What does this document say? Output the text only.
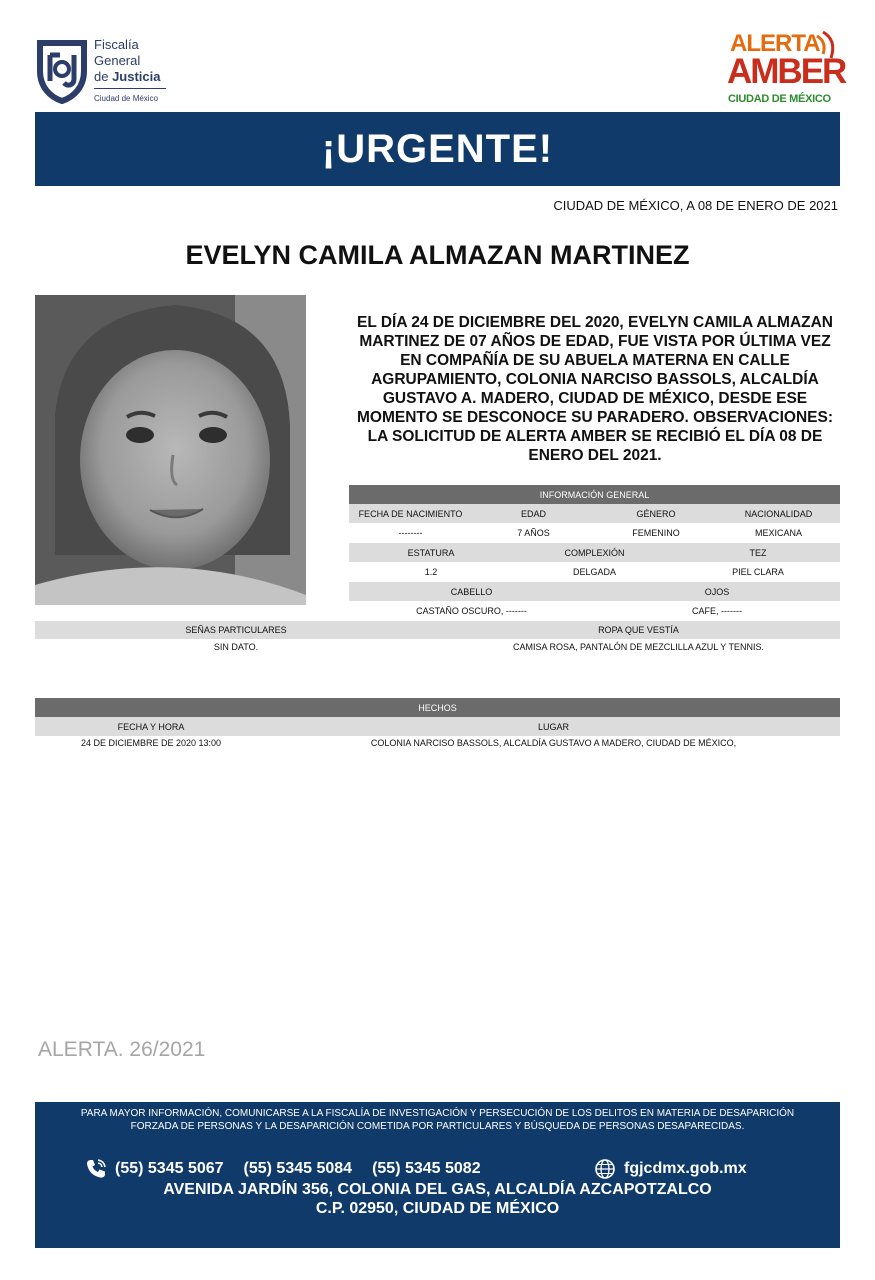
Fiscalía
General
de Justicia
Ciudad de México
ALERTA
AMBER
CIUDAD DE MÉXICO
¡URGENTE!
CIUDAD DE MÉXICO, A 08 DE ENERO DE 2021
EVELYN CAMILA ALMAZAN MARTINEZ
EL DÍA 24 DE DICIEMBRE DEL 2020, EVELYN CAMILA ALMAZAN MARTINEZ DE 07 AÑOS DE EDAD, FUE VISTA POR ÚLTIMA VEZ EN COMPAÑÍA DE SU ABUELA MATERNA EN CALLE AGRUPAMIENTO, COLONIA NARCISO BASSOLS, ALCALDÍA GUSTAVO A. MADERO, CIUDAD DE MÉXICO, DESDE ESE MOMENTO SE DESCONOCE SU PARADERO. OBSERVACIONES: LA SOLICITUD DE ALERTA AMBER SE RECIBIÓ EL DÍA 08 DE ENERO DEL 2021.
INFORMACIÓN GENERAL
FECHA DE NACIMIENTO	EDAD	GÉNERO	NACIONALIDAD
--------	7 AÑOS	FEMENINO	MEXICANA
ESTATURA	COMPLEXIÓN	TEZ
1.2	DELGADA	PIEL CLARA
CABELLO	OJOS
CASTAÑO OSCURO, -------	CAFE, -------
SEÑAS PARTICULARES	ROPA QUE VESTÍA
SIN DATO.	CAMISA ROSA, PANTALÓN DE MEZCLILLA AZUL Y TENNIS.
HECHOS
FECHA Y HORA	LUGAR
24 DE DICIEMBRE DE 2020 13:00	COLONIA NARCISO BASSOLS, ALCALDÍA GUSTAVO A MADERO, CIUDAD DE MÉXICO,
ALERTA. 26/2021
PARA MAYOR INFORMACIÓN, COMUNICARSE A LA FISCALÍA DE INVESTIGACIÓN Y PERSECUCIÓN DE LOS DELITOS EN MATERIA DE DESAPARICIÓN
FORZADA DE PERSONAS Y LA DESAPARICIÓN COMETIDA POR PARTICULARES Y BÚSQUEDA DE PERSONAS DESAPARECIDAS.
(55) 5345 5067 (55) 5345 5084 (55) 5345 5082	fgjcdmx.gob.mx
AVENIDA JARDÍN 356, COLONIA DEL GAS, ALCALDÍA AZCAPOTZALCO
C.P. 02950, CIUDAD DE MÉXICO
